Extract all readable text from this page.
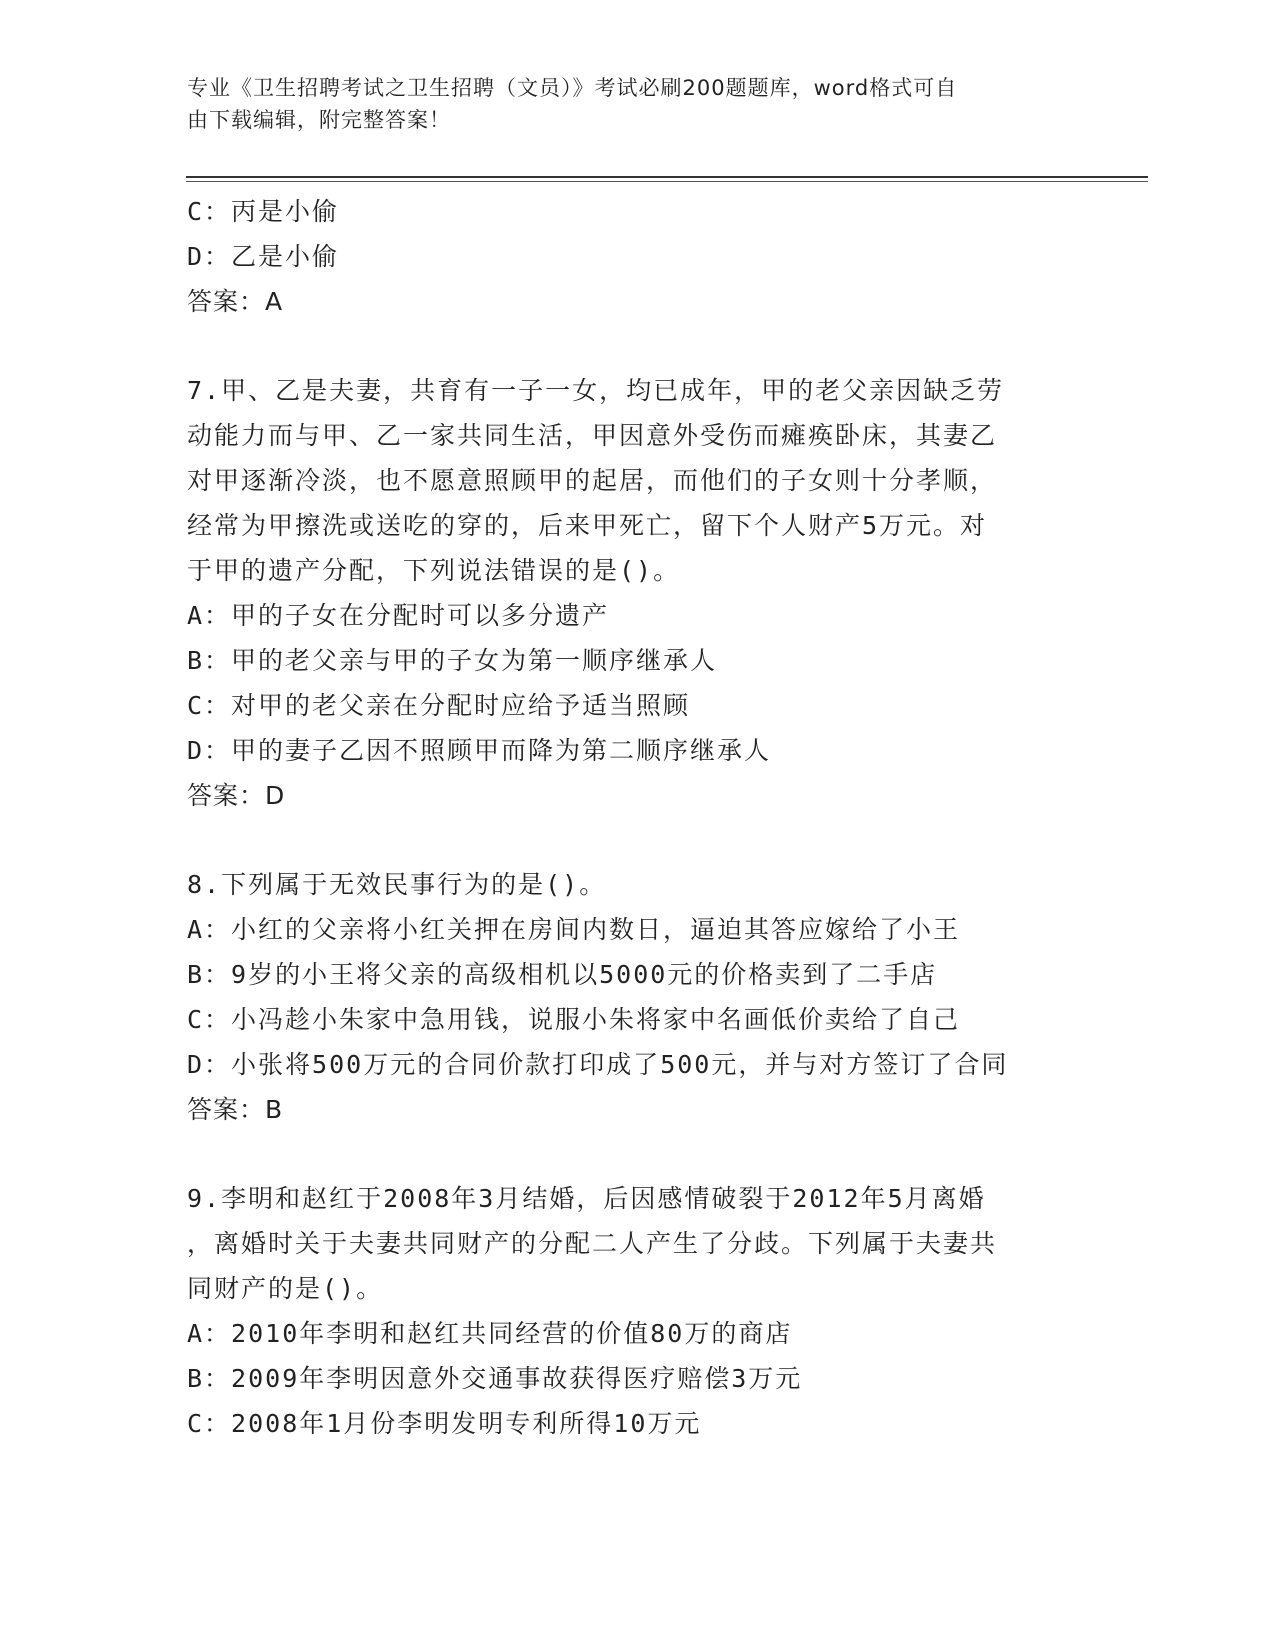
专业《卫生招聘考试之卫生招聘（文员）》考试必刷200题题库，word格式可自
由下载编辑，附完整答案！
C：丙是小偷
D：乙是小偷
答案：A
7.甲、乙是夫妻，共育有一子一女，均已成年，甲的老父亲因缺乏劳
动能力而与甲、乙一家共同生活，甲因意外受伤而瘫痪卧床，其妻乙
对甲逐渐冷淡，也不愿意照顾甲的起居，而他们的子女则十分孝顺，
经常为甲擦洗或送吃的穿的，后来甲死亡，留下个人财产5万元。对
于甲的遗产分配，下列说法错误的是()。
A：甲的子女在分配时可以多分遗产
B：甲的老父亲与甲的子女为第一顺序继承人
C：对甲的老父亲在分配时应给予适当照顾
D：甲的妻子乙因不照顾甲而降为第二顺序继承人
答案：D
8.下列属于无效民事行为的是()。
A：小红的父亲将小红关押在房间内数日，逼迫其答应嫁给了小王
B：9岁的小王将父亲的高级相机以5000元的价格卖到了二手店
C：小冯趁小朱家中急用钱，说服小朱将家中名画低价卖给了自己
D：小张将500万元的合同价款打印成了500元，并与对方签订了合同
答案：B
9.李明和赵红于2008年3月结婚，后因感情破裂于2012年5月离婚
，离婚时关于夫妻共同财产的分配二人产生了分歧。下列属于夫妻共
同财产的是()。
A：2010年李明和赵红共同经营的价值80万的商店
B：2009年李明因意外交通事故获得医疗赔偿3万元
C：2008年1月份李明发明专利所得10万元
